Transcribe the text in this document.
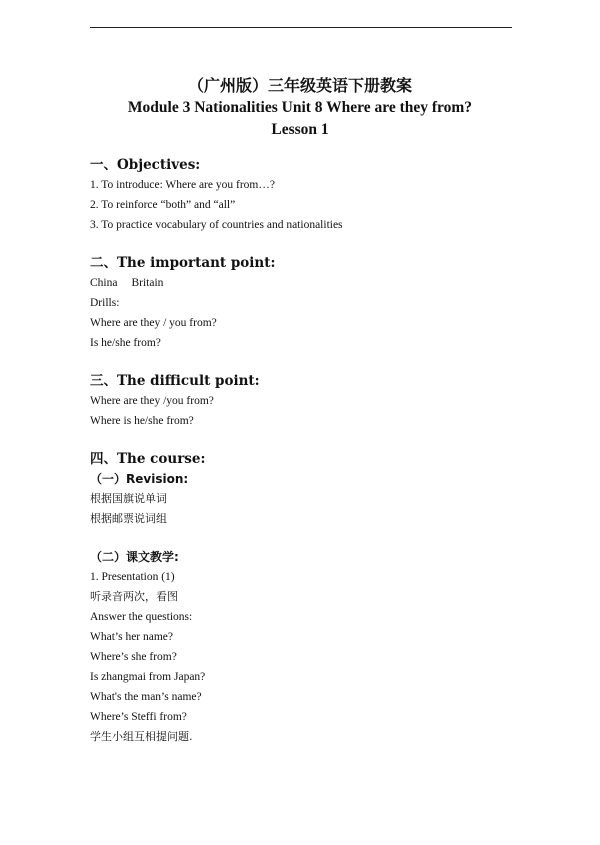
（广州版）三年级英语下册教案
Module 3 Nationalities Unit 8 Where are they from?
Lesson 1
一、Objectives:
1. To introduce: Where are you from…?
2. To reinforce “both” and “all”
3. To practice vocabulary of countries and nationalities
二、The important point:
China Britain
Drills:
Where are they / you from?
Is he/she from?
三、The difficult point:
Where are they /you from?
Where is he/she from?
四、The course:
（一）Revision:
根据国旗说单词
根据邮票说词组
（二）课文教学:
1. Presentation (1)
听录音两次，看图
Answer the questions:
What’s her name?
Where’s she from?
Is zhangmai from Japan?
What's the man’s name?
Where’s Steffi from?
学生小组互相提问题.
